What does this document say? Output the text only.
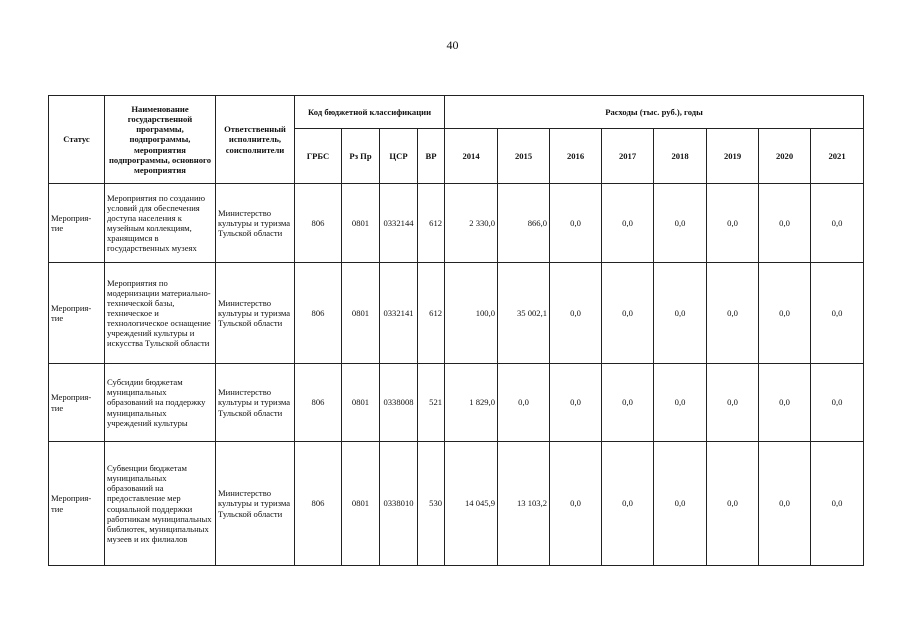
40
Статус	Наименование государственной программы, подпрограммы, мероприятия подпрограммы, основного мероприятия	Ответственный исполнитель, соисполнители	Код бюджетной классификации				Расходы (тыс. руб.), годы							
			ГРБС	Рз Пр	ЦСР	ВР	2014	2015	2016	2017	2018	2019	2020	2021
Мероприя-тие	Мероприятия по созданию условий для обеспечения доступа населения к музейным коллекциям, хранящимся в государственных музеях	Министерство культуры и туризма Тульской области	806	0801	0332144	612	2 330,0	866,0	0,0	0,0	0,0	0,0	0,0	0,0
Мероприя-тие	Мероприятия по модернизации материально-технической базы, техническое и технологическое оснащение учреждений культуры и искусства Тульской области	Министерство культуры и туризма Тульской области	806	0801	0332141	612	100,0	35 002,1	0,0	0,0	0,0	0,0	0,0	0,0
Мероприя-тие	Субсидии бюджетам муниципальных образований на поддержку муниципальных учреждений культуры	Министерство культуры и туризма Тульской области	806	0801	0338008	521	1 829,0	0,0	0,0	0,0	0,0	0,0	0,0	0,0
Мероприя-тие	Субвенции бюджетам муниципальных образований на предоставление мер социальной поддержки работникам муниципальных библиотек, муниципальных музеев и их филиалов	Министерство культуры и туризма Тульской области	806	0801	0338010	530	14 045,9	13 103,2	0,0	0,0	0,0	0,0	0,0	0,0
